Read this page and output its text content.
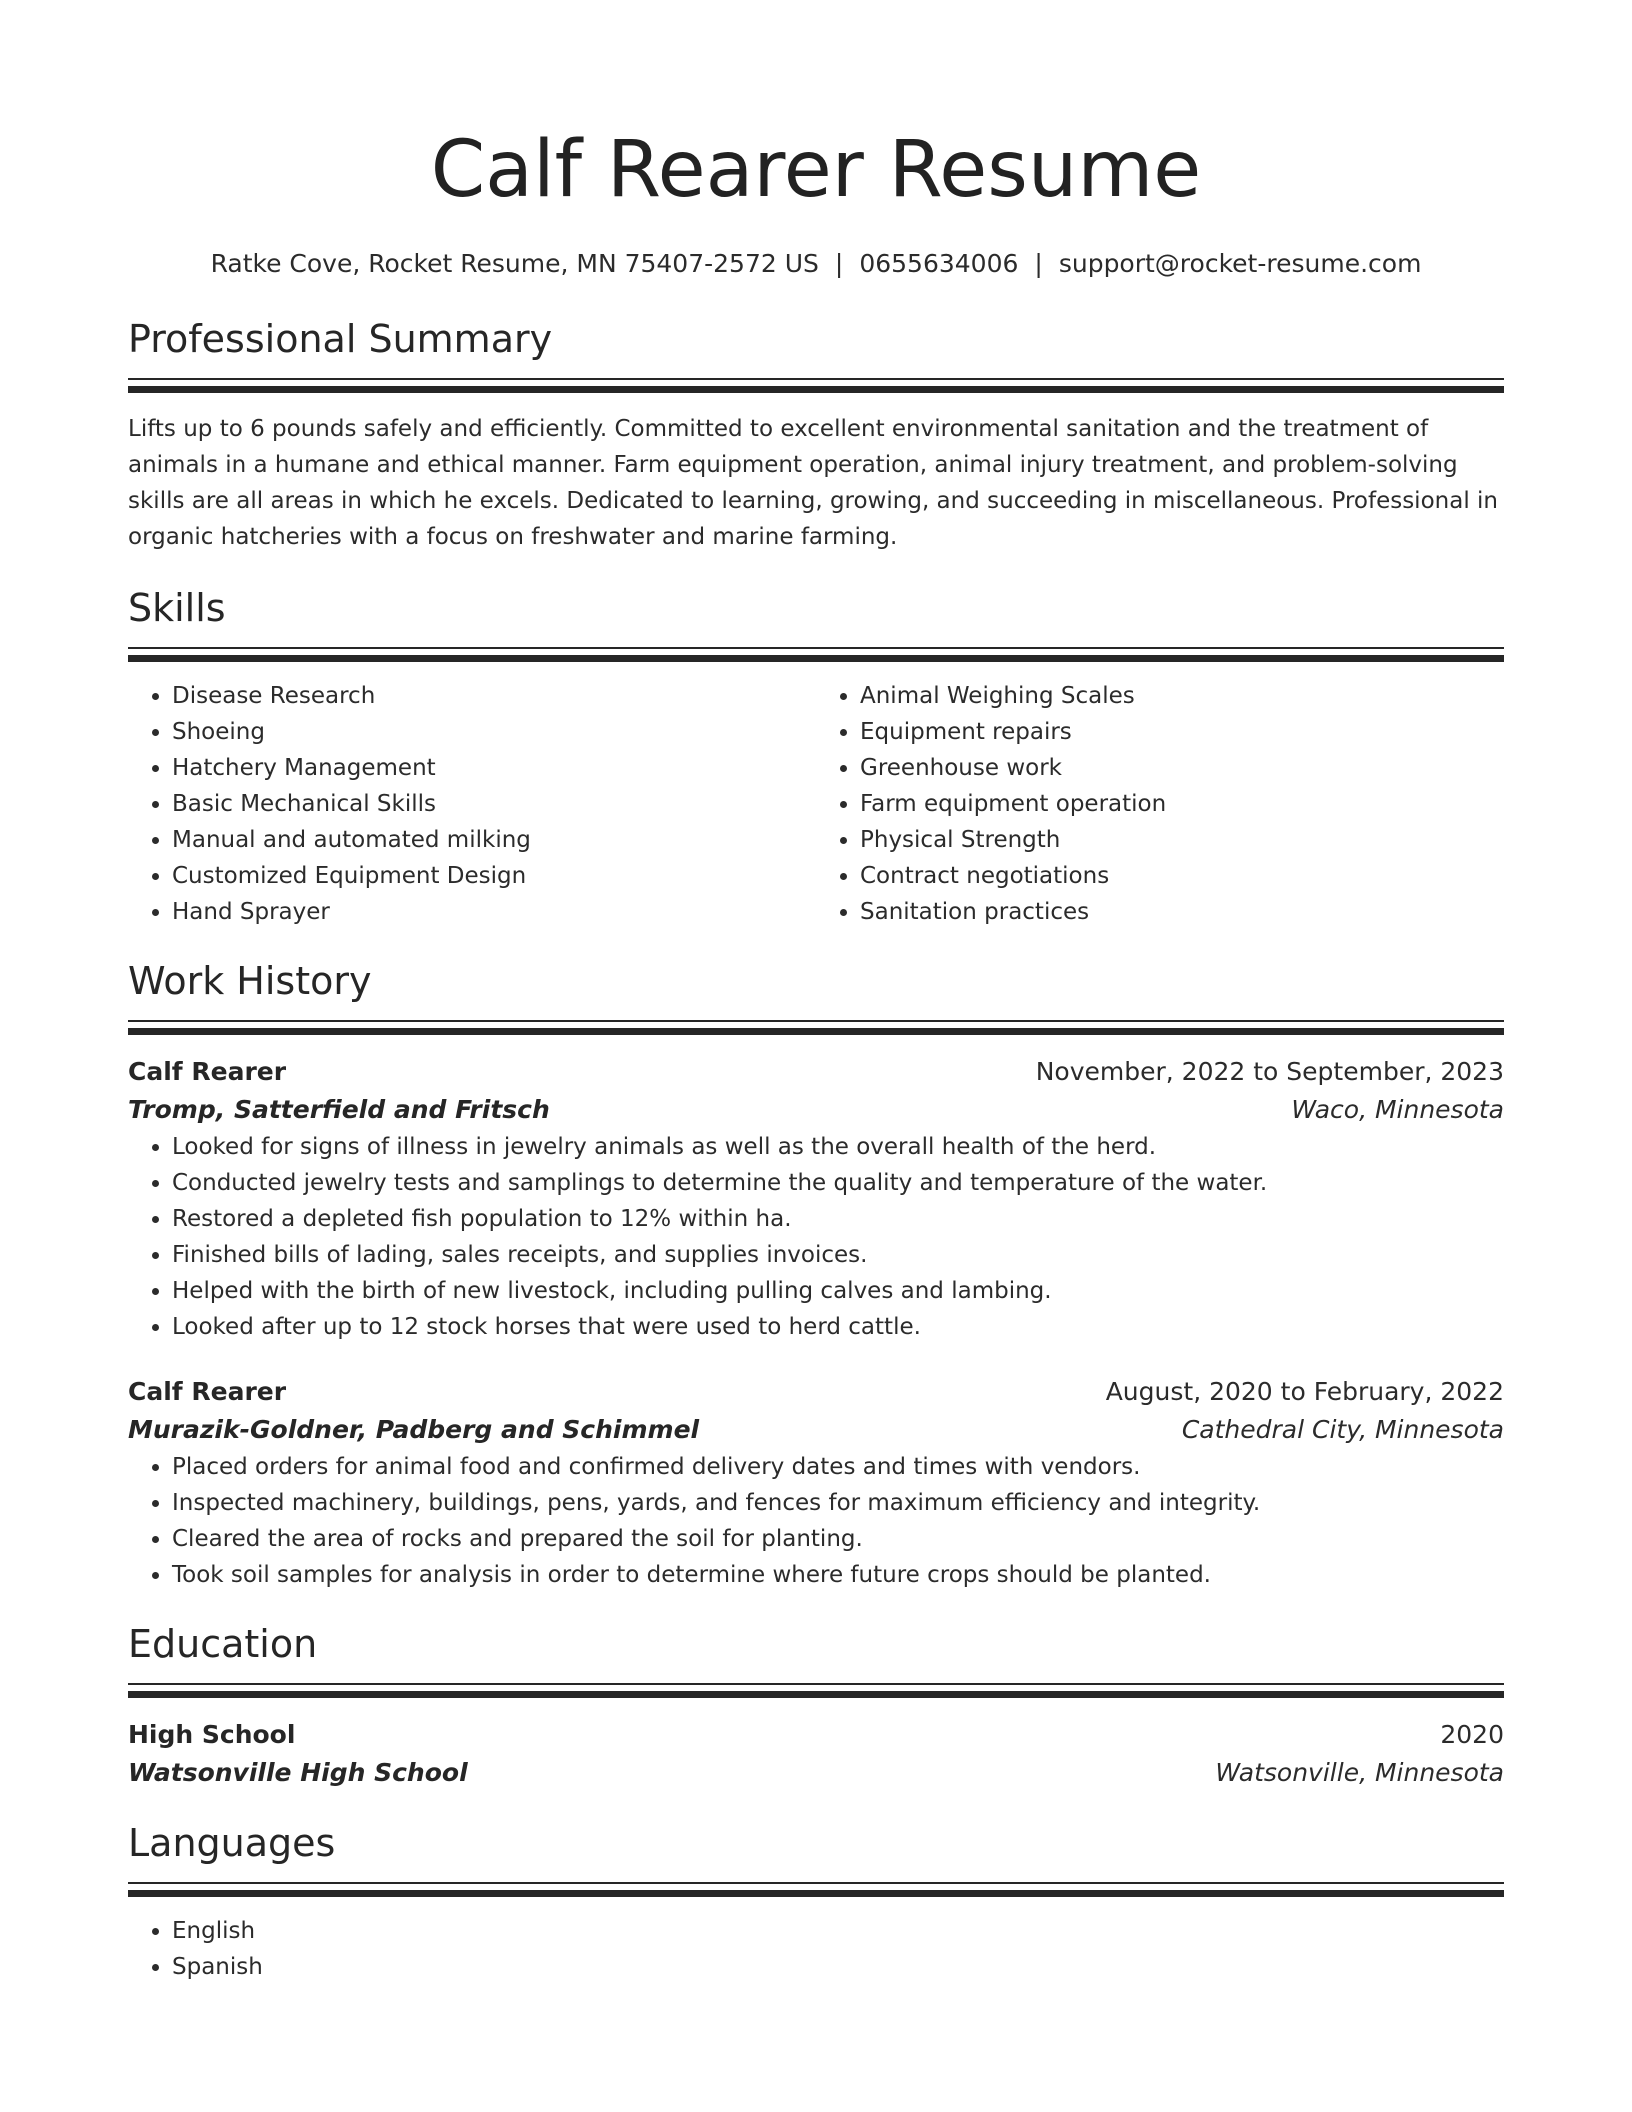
Calf Rearer Resume
Ratke Cove, Rocket Resume, MN 75407-2572 US | 0655634006 | support@rocket-resume.com
Professional Summary
Lifts up to 6 pounds safely and efficiently. Committed to excellent environmental sanitation and the treatment of animals in a humane and ethical manner. Farm equipment operation, animal injury treatment, and problem-solving skills are all areas in which he excels. Dedicated to learning, growing, and succeeding in miscellaneous. Professional in organic hatcheries with a focus on freshwater and marine farming.
Skills
• Disease Research
• Shoeing
• Hatchery Management
• Basic Mechanical Skills
• Manual and automated milking
• Customized Equipment Design
• Hand Sprayer
• Animal Weighing Scales
• Equipment repairs
• Greenhouse work
• Farm equipment operation
• Physical Strength
• Contract negotiations
• Sanitation practices
Work History
Calf Rearer	November, 2022 to September, 2023
Tromp, Satterfield and Fritsch	Waco, Minnesota
• Looked for signs of illness in jewelry animals as well as the overall health of the herd.
• Conducted jewelry tests and samplings to determine the quality and temperature of the water.
• Restored a depleted fish population to 12% within ha.
• Finished bills of lading, sales receipts, and supplies invoices.
• Helped with the birth of new livestock, including pulling calves and lambing.
• Looked after up to 12 stock horses that were used to herd cattle.
Calf Rearer	August, 2020 to February, 2022
Murazik-Goldner, Padberg and Schimmel	Cathedral City, Minnesota
• Placed orders for animal food and confirmed delivery dates and times with vendors.
• Inspected machinery, buildings, pens, yards, and fences for maximum efficiency and integrity.
• Cleared the area of rocks and prepared the soil for planting.
• Took soil samples for analysis in order to determine where future crops should be planted.
Education
High School	2020
Watsonville High School	Watsonville, Minnesota
Languages
• English
• Spanish
